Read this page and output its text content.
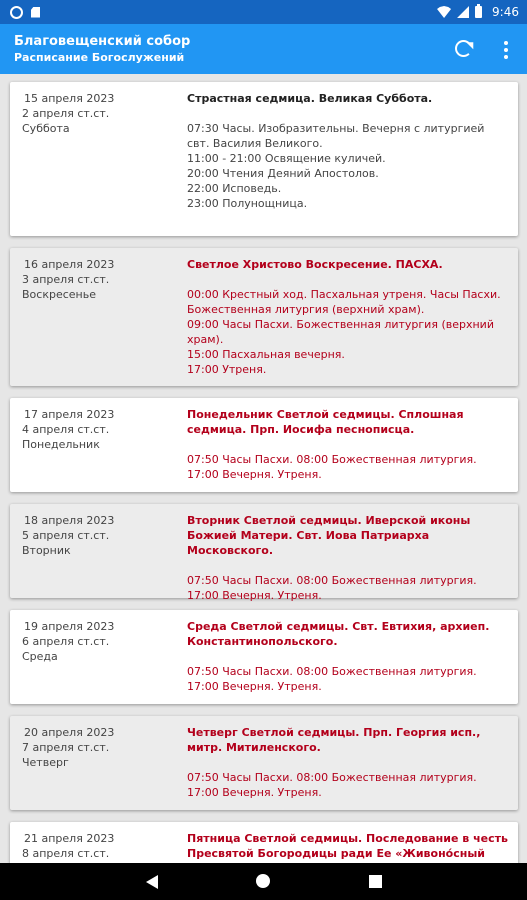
9:46
Благовещенский собор
Расписание Богослужений
15 апреля 2023
2 апреля ст.ст.
Суббота
Страстная седмица. Великая Суббота.
07:30 Часы. Изобразительны. Вечерня с литургией свт. Василия Великого.
11:00 - 21:00 Освящение куличей.
20:00 Чтения Деяний Апостолов.
22:00 Исповедь.
23:00 Полунощница.
16 апреля 2023
3 апреля ст.ст.
Воскресенье
Светлое Христово Воскресение. ПАСХА.
00:00 Крестный ход. Пасхальная утреня. Часы Пасхи. Божественная литургия (верхний храм).
09:00 Часы Пасхи. Божественная литургия (верхний храм).
15:00 Пасхальная вечерня.
17:00 Утреня.
17 апреля 2023
4 апреля ст.ст.
Понедельник
Понедельник Светлой седмицы. Сплошная седмица. Прп. Иосифа песнописца.
07:50 Часы Пасхи. 08:00 Божественная литургия.
17:00 Вечерня. Утреня.
18 апреля 2023
5 апреля ст.ст.
Вторник
Вторник Светлой седмицы. Иверской иконы Божией Матери. Свт. Иова Патриарха Московского.
07:50 Часы Пасхи. 08:00 Божественная литургия.
17:00 Вечерня. Утреня.
19 апреля 2023
6 апреля ст.ст.
Среда
Среда Светлой седмицы. Свт. Евтихия, архиеп. Константинопольского.
07:50 Часы Пасхи. 08:00 Божественная литургия.
17:00 Вечерня. Утреня.
20 апреля 2023
7 апреля ст.ст.
Четверг
Четверг Светлой седмицы. Прп. Георгия исп., митр. Митиленского.
07:50 Часы Пасхи. 08:00 Божественная литургия.
17:00 Вечерня. Утреня.
21 апреля 2023
8 апреля ст.ст.
Пятница Светлой седмицы. Последование в честь Пресвятой Богородицы ради Ее «Живоно́сный
